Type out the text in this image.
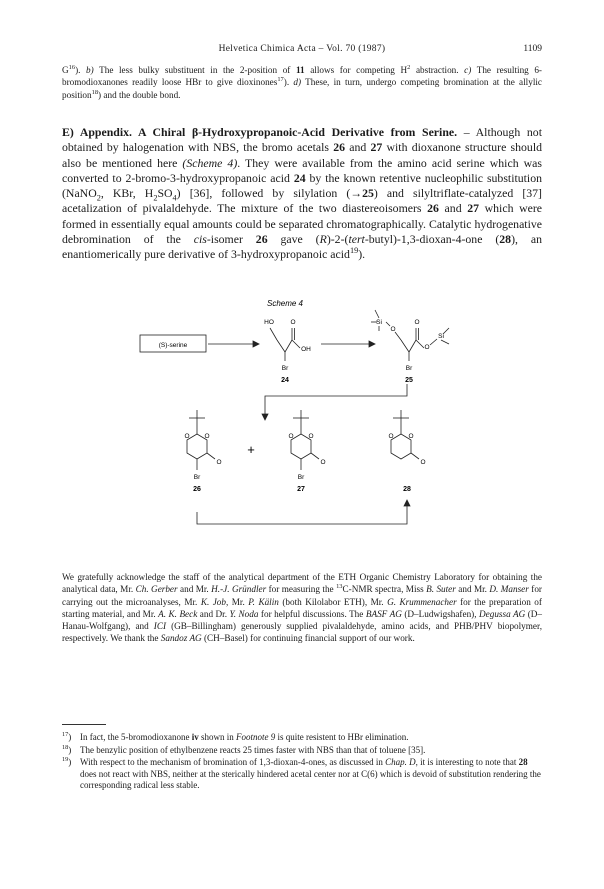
Helvetica Chimica Acta – Vol. 70 (1987)	1109
$G^{16}$). b) The less bulky substituent in the 2-position of 11 allows for competing $H^2$ abstraction. c) The resulting 6-bromodioxanones readily loose HBr to give dioxinones$^{17}$). d) These, in turn, undergo competing bromination at the allylic position$^{18}$) and the double bond.
E) Appendix. A Chiral β-Hydroxypropanoic-Acid Derivative from Serine. – Although not obtained by halogenation with NBS, the bromo acetals 26 and 27 with dioxanone structure should also be mentioned here (Scheme 4). They were available from the amino acid serine which was converted to 2-bromo-3-hydroxypropanoic acid 24 by the known retentive nucleophilic substitution (NaNO$_2$, KBr, $H_2SO_4$) [36], followed by silylation (→25) and silyltriflate-catalyzed [37] acetalization of pivalaldehyde. The mixture of the two diastereoisomers 26 and 27 which were formed in essentially equal amounts could be separated chromatographically. Catalytic hydrogenative debromination of the cis-isomer 26 gave (R)-2-(tert-butyl)-1,3-dioxan-4-one (28), an enantiomerically pure derivative of 3-hydroxypropanoic acid$^{19}$).
Scheme 4
(S)-serine
HO	O
OH
Br
24
Si
O
O
O
Si
Br
25
O O
O
Br
26
+
O O
O
Br
27
O O
O
28
We gratefully acknowledge the staff of the analytical department of the ETH Organic Chemistry Laboratory for obtaining the analytical data, Mr. Ch. Gerber and Mr. H.-J. Gründler for measuring the $^{13}$C-NMR spectra, Miss B. Suter and Mr. D. Manser for carrying out the microanalyses, Mr. K. Job, Mr. P. Kälin (both Kilolabor ETH), Mr. G. Krummenacher for the preparation of starting material, and Mr. A. K. Beck and Dr. Y. Noda for helpful discussions. The BASF AG (D–Ludwigshafen), Degussa AG (D–Hanau-Wolfgang), and ICI (GB–Billingham) generously supplied pivalaldehyde, amino acids, and PHB/PHV biopolymer, respectively. We thank the Sandoz AG (CH–Basel) for continuing financial support of our work.
$^{17}$) In fact, the 5-bromodioxanone iv shown in Footnote 9 is quite resistent to HBr elimination.
$^{18}$) The benzylic position of ethylbenzene reacts 25 times faster with NBS than that of toluene [35].
$^{19}$) With respect to the mechanism of bromination of 1,3-dioxan-4-ones, as discussed in Chap. D, it is interesting to note that 28 does not react with NBS, neither at the sterically hindered acetal center nor at C(6) which is devoid of substitution rendering the corresponding radical less stable.
